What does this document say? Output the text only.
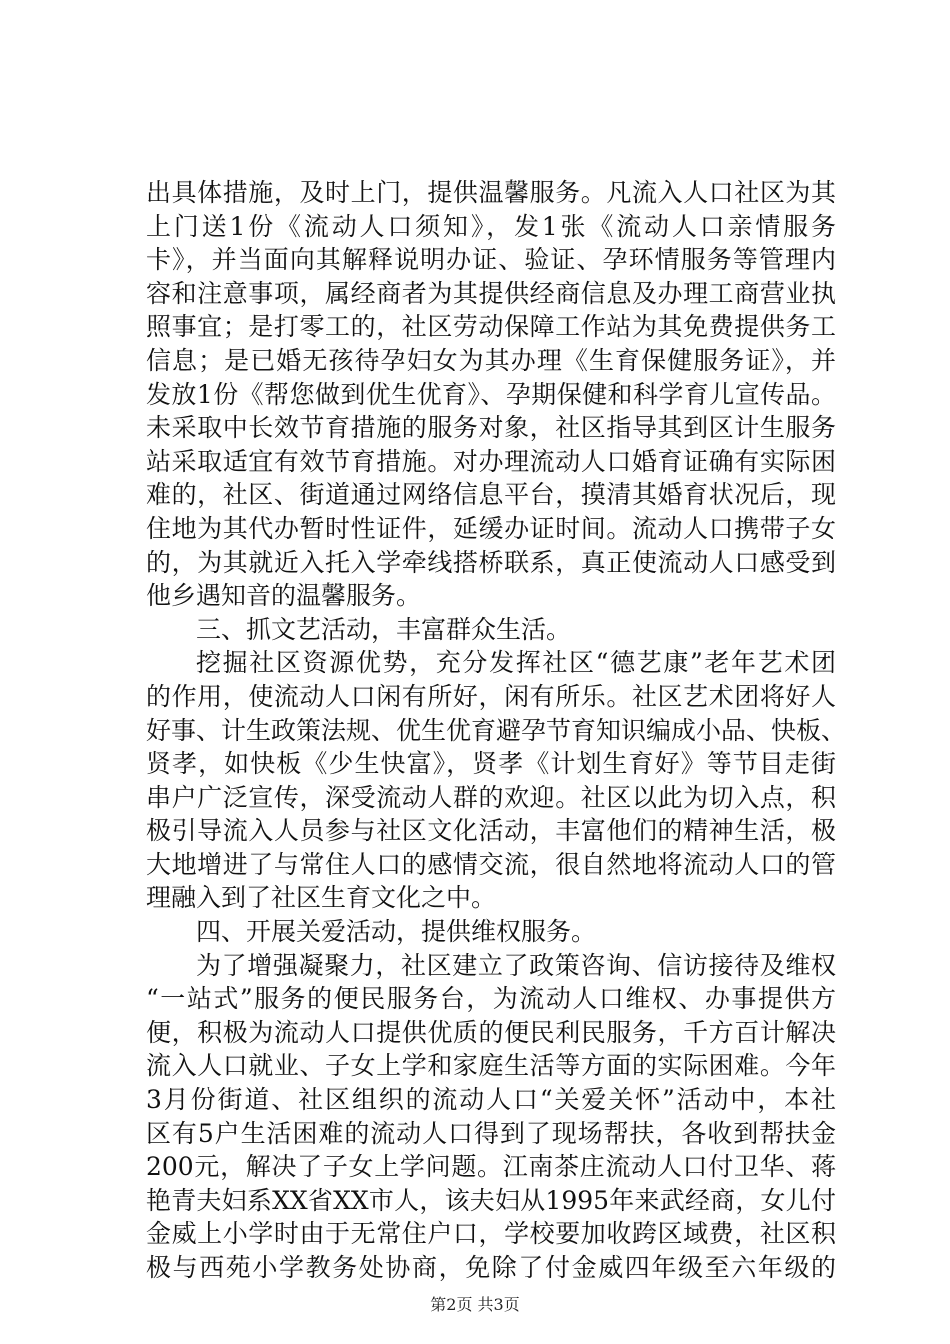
出具体措施，及时上门，提供温馨服务。凡流入人口社区为其
上门送1份《流动人口须知》，发1张《流动人口亲情服务
卡》，并当面向其解释说明办证、验证、孕环情服务等管理内
容和注意事项，属经商者为其提供经商信息及办理工商营业执
照事宜；是打零工的，社区劳动保障工作站为其免费提供务工
信息；是已婚无孩待孕妇女为其办理《生育保健服务证》，并
发放1份《帮您做到优生优育》、孕期保健和科学育儿宣传品。
未采取中长效节育措施的服务对象，社区指导其到区计生服务
站采取适宜有效节育措施。对办理流动人口婚育证确有实际困
难的，社区、街道通过网络信息平台，摸清其婚育状况后，现
住地为其代办暂时性证件，延缓办证时间。流动人口携带子女
的，为其就近入托入学牵线搭桥联系，真正使流动人口感受到
他乡遇知音的温馨服务。
三、抓文艺活动，丰富群众生活。
挖掘社区资源优势，充分发挥社区“德艺康”老年艺术团
的作用，使流动人口闲有所好，闲有所乐。社区艺术团将好人
好事、计生政策法规、优生优育避孕节育知识编成小品、快板、
贤孝，如快板《少生快富》，贤孝《计划生育好》等节目走街
串户广泛宣传，深受流动人群的欢迎。社区以此为切入点，积
极引导流入人员参与社区文化活动，丰富他们的精神生活，极
大地增进了与常住人口的感情交流，很自然地将流动人口的管
理融入到了社区生育文化之中。
四、开展关爱活动，提供维权服务。
为了增强凝聚力，社区建立了政策咨询、信访接待及维权
“一站式”服务的便民服务台，为流动人口维权、办事提供方
便，积极为流动人口提供优质的便民利民服务，千方百计解决
流入人口就业、子女上学和家庭生活等方面的实际困难。今年
3月份街道、社区组织的流动人口“关爱关怀”活动中，本社
区有5户生活困难的流动人口得到了现场帮扶，各收到帮扶金
200元，解决了子女上学问题。江南茶庄流动人口付卫华、蒋
艳青夫妇系XX省XX市人，该夫妇从1995年来武经商，女儿付
金威上小学时由于无常住户口，学校要加收跨区域费，社区积
极与西苑小学教务处协商，免除了付金威四年级至六年级的
第2页 共3页
